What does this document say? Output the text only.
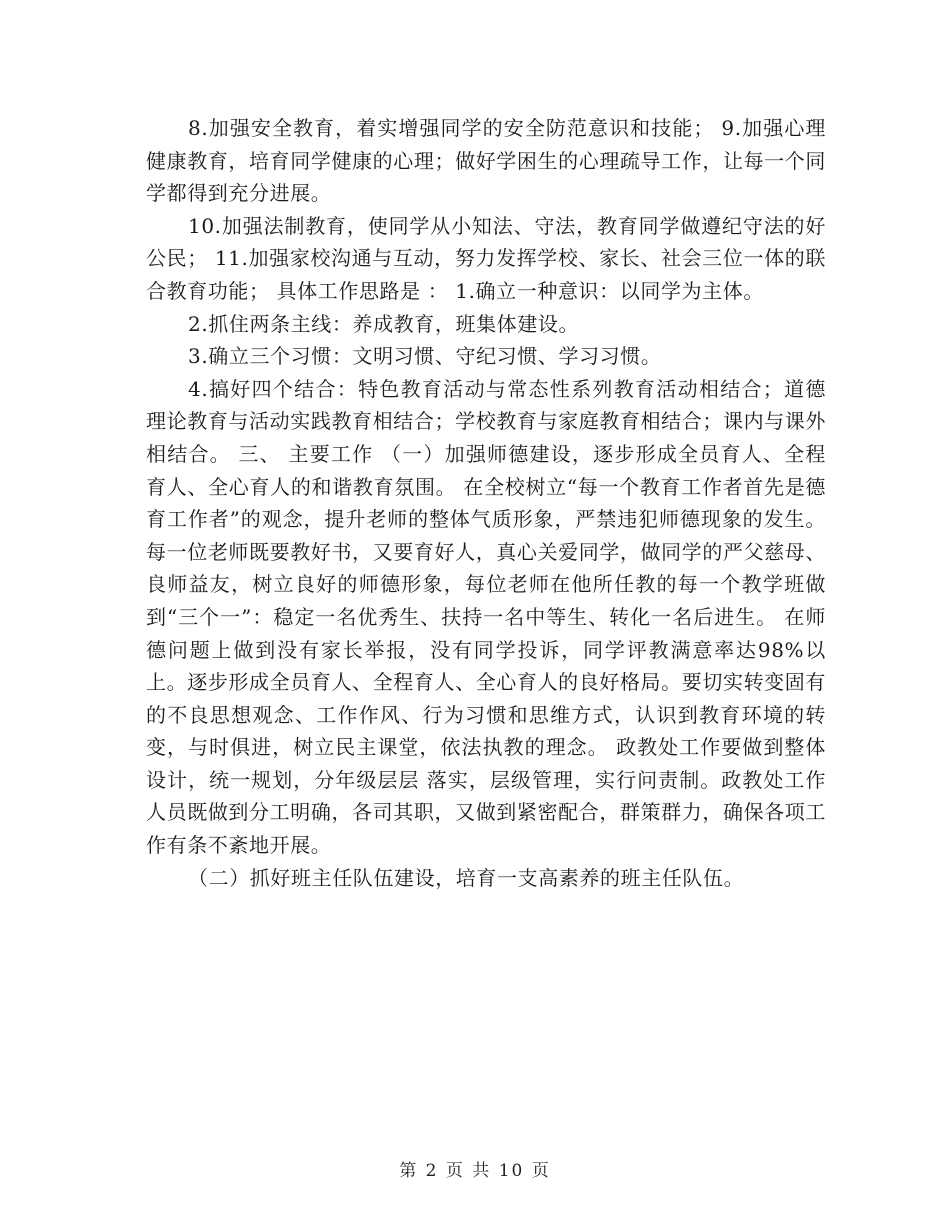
8.加强安全教育，着实增强同学的安全防范意识和技能； 9.加强心理健康教育，培育同学健康的心理；做好学困生的心理疏导工作，让每一个同学都得到充分进展。

10.加强法制教育，使同学从小知法、守法，教育同学做遵纪守法的好公民； 11.加强家校沟通与互动，努力发挥学校、家长、社会三位一体的联合教育功能； 具体工作思路是 ： 1.确立一种意识：以同学为主体。

2.抓住两条主线：养成教育，班集体建设。

3.确立三个习惯：文明习惯、守纪习惯、学习习惯。

4.搞好四个结合：特色教育活动与常态性系列教育活动相结合；道德理论教育与活动实践教育相结合；学校教育与家庭教育相结合；课内与课外相结合。 三、 主要工作 （一）加强师德建设，逐步形成全员育人、全程育人、全心育人的和谐教育氛围。 在全校树立“每一个教育工作者首先是德育工作者”的观念，提升老师的整体气质形象，严禁违犯师德现象的发生。 每一位老师既要教好书，又要育好人，真心关爱同学，做同学的严父慈母、良师益友，树立良好的师德形象，每位老师在他所任教的每一个教学班做到“三个一”：稳定一名优秀生、扶持一名中等生、转化一名后进生。 在师德问题上做到没有家长举报，没有同学投诉，同学评教满意率达98%以上。逐步形成全员育人、全程育人、全心育人的良好格局。要切实转变固有的不良思想观念、工作作风、行为习惯和思维方式，认识到教育环境的转变，与时俱进，树立民主课堂，依法执教的理念。 政教处工作要做到整体设计，统一规划，分年级层层 落实，层级管理，实行问责制。政教处工作人员既做到分工明确，各司其职，又做到紧密配合，群策群力，确保各项工作有条不紊地开展。

（二）抓好班主任队伍建设，培育一支高素养的班主任队伍。

第 2 页 共 10 页
